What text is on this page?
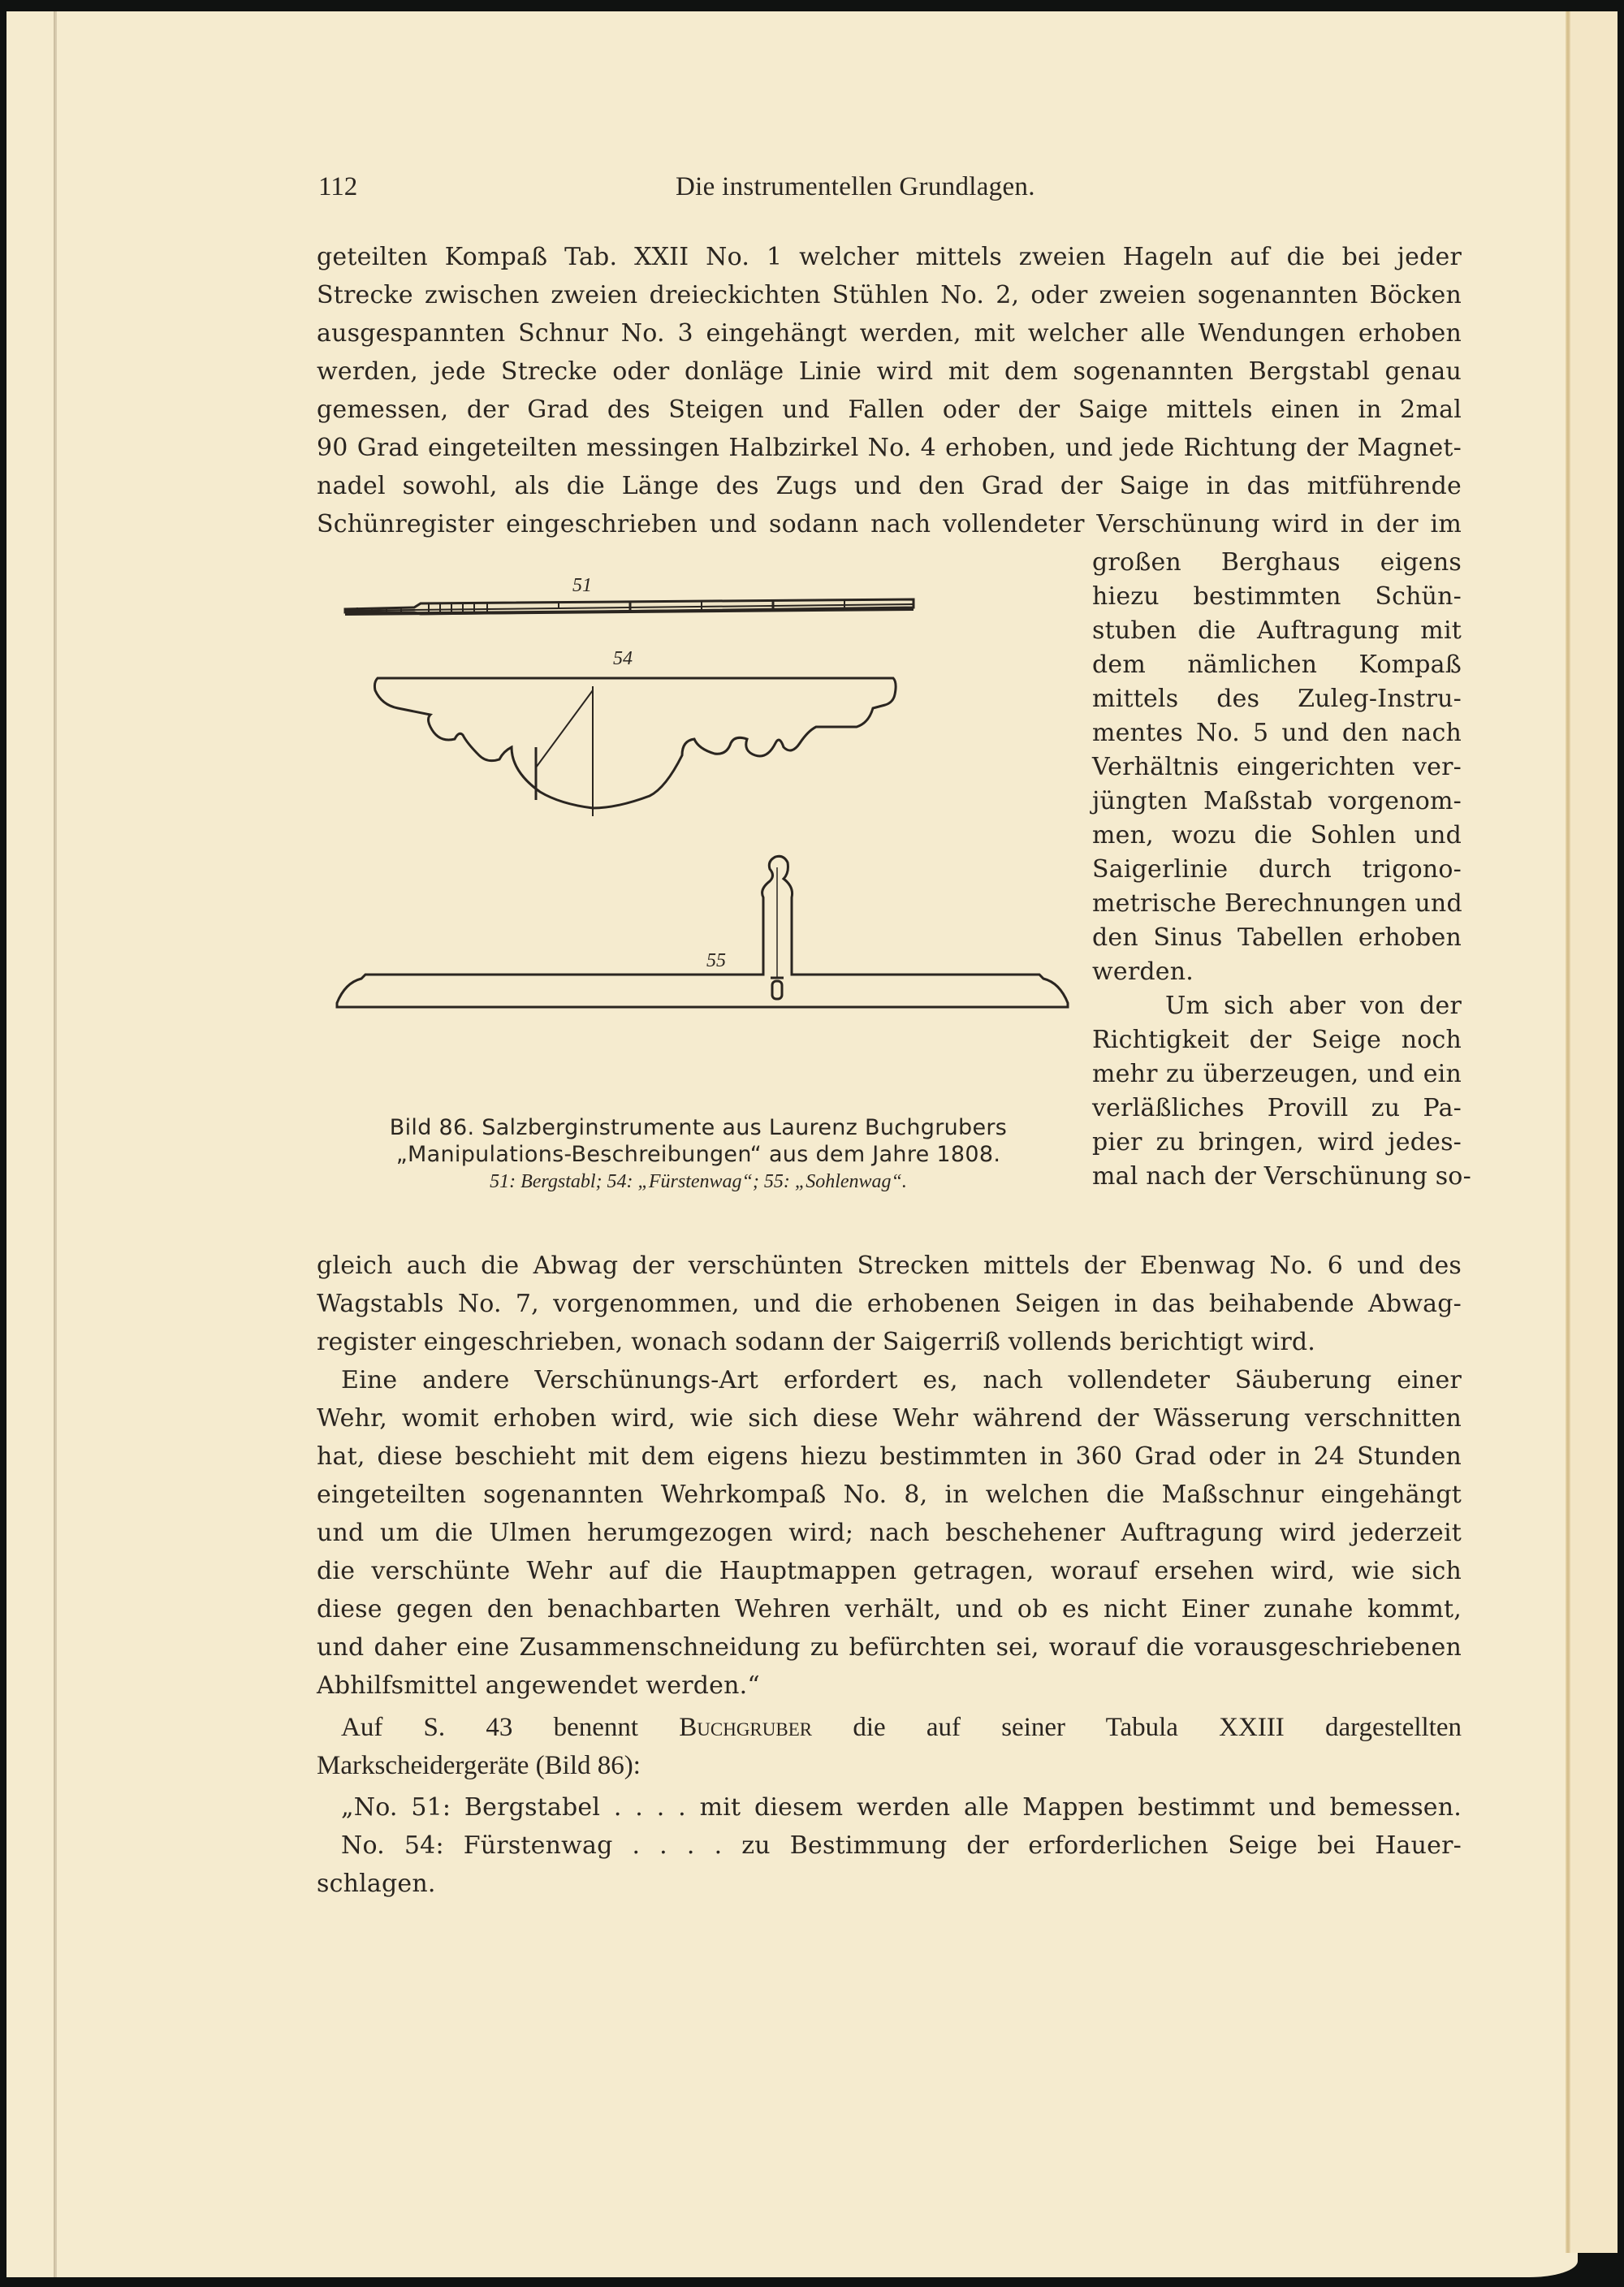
112	Die instrumentellen Grundlagen.
geteilten Kompaß Tab. XXII No. 1 welcher mittels zweien Hageln auf die bei jeder
Strecke zwischen zweien dreieckichten Stühlen No. 2, oder zweien sogenannten Böcken
ausgespannten Schnur No. 3 eingehängt werden, mit welcher alle Wendungen erhoben
werden, jede Strecke oder donläge Linie wird mit dem sogenannten Bergstabl genau
gemessen, der Grad des Steigen und Fallen oder der Saige mittels einen in 2mal
90 Grad eingeteilten messingen Halbzirkel No. 4 erhoben, und jede Richtung der Magnet-
nadel sowohl, als die Länge des Zugs und den Grad der Saige in das mitführende
Schünregister eingeschrieben und sodann nach vollendeter Verschünung wird in der im
großen Berghaus eigens
hiezu bestimmten Schün-
stuben die Auftragung mit
dem nämlichen Kompaß
mittels des Zuleg-Instru-
mentes No. 5 und den nach
Verhältnis eingerichten ver-
jüngten Maßstab vorgenom-
men, wozu die Sohlen und
Saigerlinie durch trigono-
metrische Berechnungen und
den Sinus Tabellen erhoben
werden.
Um sich aber von der
Richtigkeit der Seige noch
mehr zu überzeugen, und ein
verläßliches Provill zu Pa-
pier zu bringen, wird jedes-
mal nach der Verschünung so-
51
54
55
Bild 86. Salzberginstrumente aus Laurenz Buchgrubers
„Manipulations-Beschreibungen“ aus dem Jahre 1808.
51: Bergstabl; 54: „Fürstenwag“; 55: „Sohlenwag“.
gleich auch die Abwag der verschünten Strecken mittels der Ebenwag No. 6 und des
Wagstabls No. 7, vorgenommen, und die erhobenen Seigen in das beihabende Abwag-
register eingeschrieben, wonach sodann der Saigerriß vollends berichtigt wird.
Eine andere Verschünungs-Art erfordert es, nach vollendeter Säuberung einer
Wehr, womit erhoben wird, wie sich diese Wehr während der Wässerung verschnitten
hat, diese beschieht mit dem eigens hiezu bestimmten in 360 Grad oder in 24 Stunden
eingeteilten sogenannten Wehrkompaß No. 8, in welchen die Maßschnur eingehängt
und um die Ulmen herumgezogen wird; nach beschehener Auftragung wird jederzeit
die verschünte Wehr auf die Hauptmappen getragen, worauf ersehen wird, wie sich
diese gegen den benachbarten Wehren verhält, und ob es nicht Einer zunahe kommt,
und daher eine Zusammenschneidung zu befürchten sei, worauf die vorausgeschriebenen
Abhilfsmittel angewendet werden.“
Auf S. 43 benennt Buchgruber die auf seiner Tabula XXIII dargestellten
Markscheidergeräte (Bild 86):
„No. 51: Bergstabel . . . . mit diesem werden alle Mappen bestimmt und bemessen.
No. 54: Fürstenwag . . . . zu Bestimmung der erforderlichen Seige bei Hauer-
schlagen.
